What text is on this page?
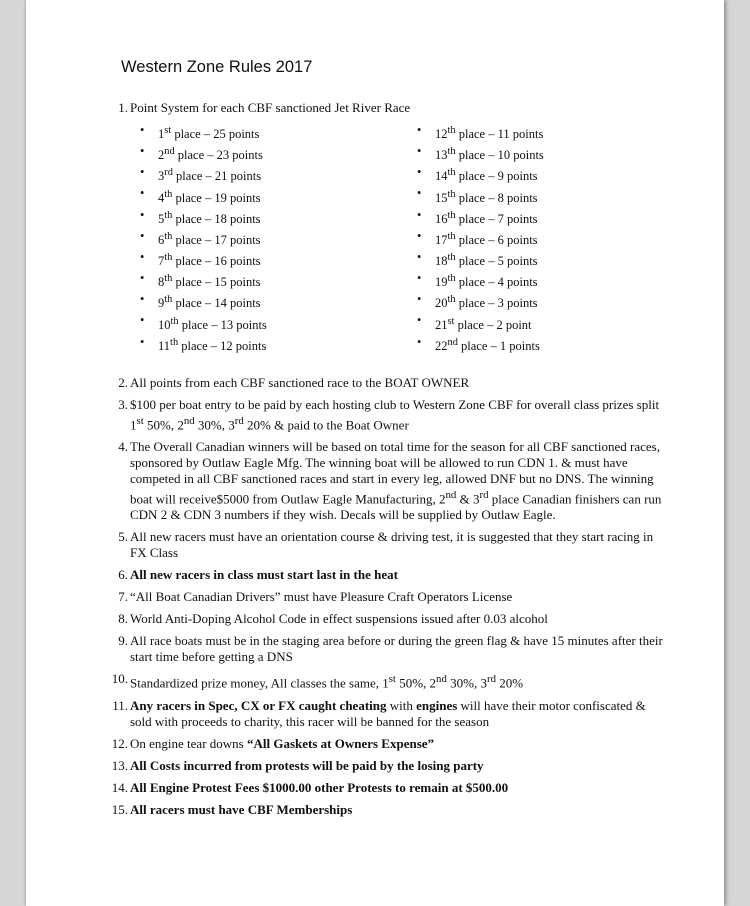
Western Zone Rules 2017
1. Point System for each CBF sanctioned Jet River Race
• 1st place – 25 points
• 2nd place – 23 points
• 3rd place – 21 points
• 4th place – 19 points
• 5th place – 18 points
• 6th place – 17 points
• 7th place – 16 points
• 8th place – 15 points
• 9th place – 14 points
• 10th place – 13 points
• 11th place – 12 points
• 12th place – 11 points
• 13th place – 10 points
• 14th place – 9 points
• 15th place – 8 points
• 16th place – 7 points
• 17th place – 6 points
• 18th place – 5 points
• 19th place – 4 points
• 20th place – 3 points
• 21st place – 2 point
• 22nd place – 1 points
2. All points from each CBF sanctioned race to the BOAT OWNER
3. $100 per boat entry to be paid by each hosting club to Western Zone CBF for overall class prizes split 1st 50%, 2nd 30%, 3rd 20% & paid to the Boat Owner
4. The Overall Canadian winners will be based on total time for the season for all CBF sanctioned races, sponsored by Outlaw Eagle Mfg. The winning boat will be allowed to run CDN 1. & must have competed in all CBF sanctioned races and start in every leg, allowed DNF but no DNS. The winning boat will receive$5000 from Outlaw Eagle Manufacturing, 2nd & 3rd place Canadian finishers can run CDN 2 & CDN 3 numbers if they wish. Decals will be supplied by Outlaw Eagle.
5. All new racers must have an orientation course & driving test, it is suggested that they start racing in FX Class
6. All new racers in class must start last in the heat
7. “All Boat Canadian Drivers” must have Pleasure Craft Operators License
8. World Anti-Doping Alcohol Code in effect suspensions issued after 0.03 alcohol
9. All race boats must be in the staging area before or during the green flag & have 15 minutes after their start time before getting a DNS
10. Standardized prize money, All classes the same, 1st 50%, 2nd 30%, 3rd 20%
11. Any racers in Spec, CX or FX caught cheating with engines will have their motor confiscated & sold with proceeds to charity, this racer will be banned for the season
12. On engine tear downs “All Gaskets at Owners Expense”
13. All Costs incurred from protests will be paid by the losing party
14. All Engine Protest Fees $1000.00 other Protests to remain at $500.00
15. All racers must have CBF Memberships
